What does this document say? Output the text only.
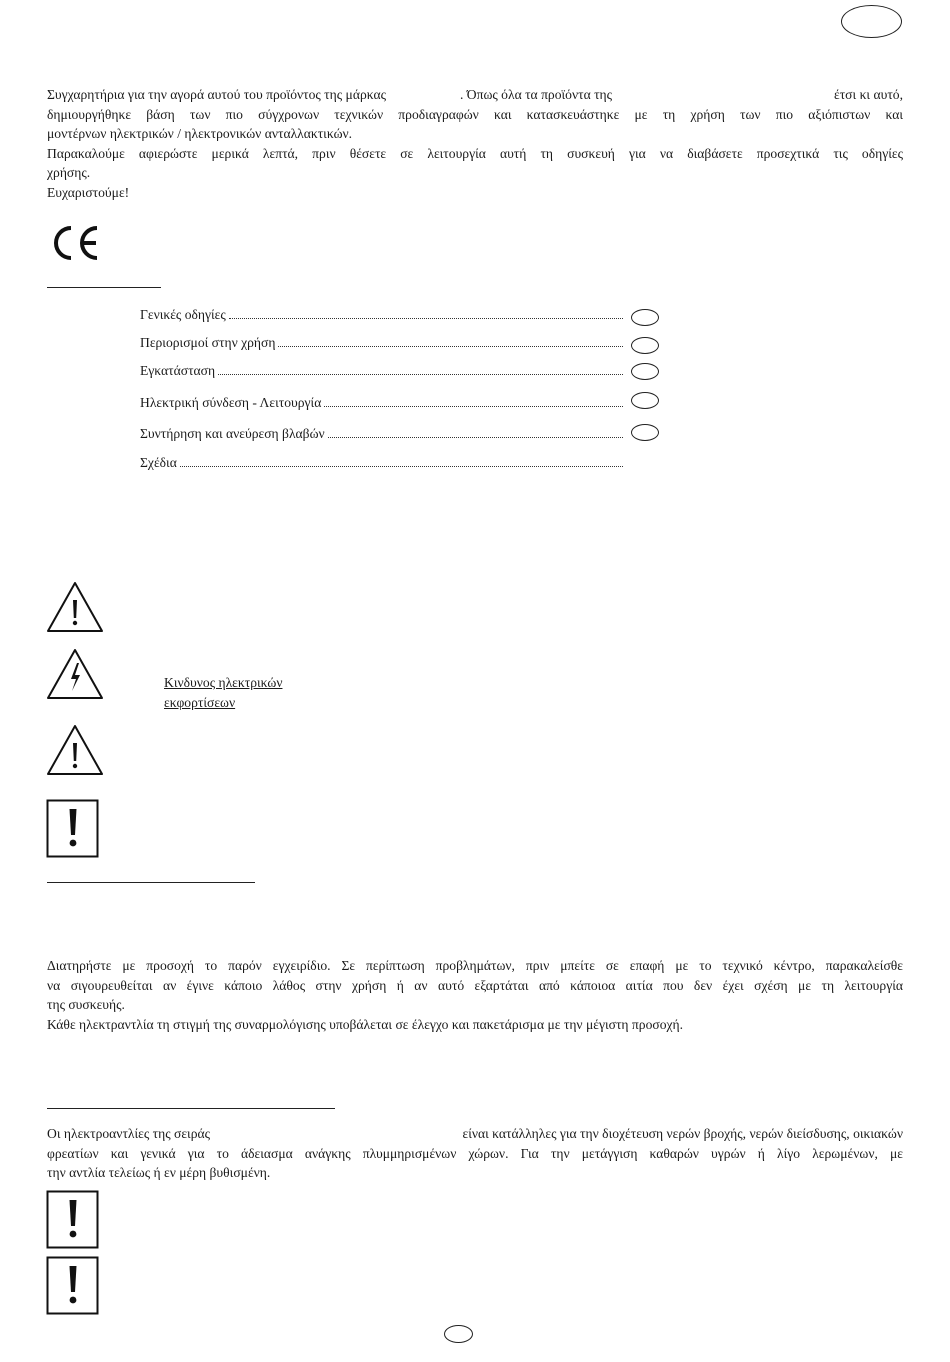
Συγχαρητήρια για την αγορά αυτού του προϊόντος της μάρκας	. Όπως όλα τα προϊόντα της	έτσι κι αυτό,
δημιουργήθηκε βάση των πιο σύγχρονων τεχνικών προδιαγραφών και κατασκευάστηκε με τη χρήση των πιο αξιόπιστων και
μοντέρνων ηλεκτρικών / ηλεκτρονικών ανταλλακτικών.
Παρακαλούμε αφιερώστε μερικά λεπτά, πριν θέσετε σε λειτουργία αυτή τη συσκευή για να διαβάσετε προσεχτικά τις οδηγίες
χρήσης.
Ευχαριστούμε!
Γενικές οδηγίες
Περιορισμοί στην χρήση
Εγκατάσταση
Ηλεκτρική σύνδεση - Λειτουργία
Συντήρηση και ανεύρεση βλαβών
Σχέδια
Κινδυνος ηλεκτρικών
εκφορτίσεων
Διατηρήστε με προσοχή το παρόν εγχειρίδιο. Σε περίπτωση προβλημάτων, πριν μπείτε σε επαφή με το τεχνικό κέντρο, παρακαλείσθε
να σιγουρευθείται αν έγινε κάποιο λάθος στην χρήση ή αν αυτό εξαρτάται από κάποιoα αιτία που δεν έχει σχέση με τη λειτουργία
της συσκευής.
Κάθε ηλεκτραντλία τη στιγμή της συναρμολόγισης υποβάλεται σε έλεγχο και πακετάρισμα με την μέγιστη προσοχή.
Οι ηλεκτροαντλίες της σειράς	είναι κατάλληλες για την διοχέτευση νερών βροχής, νερών διείσδυσης, οικιακών
φρεατίων και γενικά για το άδειασμα ανάγκης πλυμμηρισμένων χώρων. Για την μετάγγιση καθαρών υγρών ή λίγο λερωμένων, με
την αντλία τελείως ή εν μέρη βυθισμένη.
